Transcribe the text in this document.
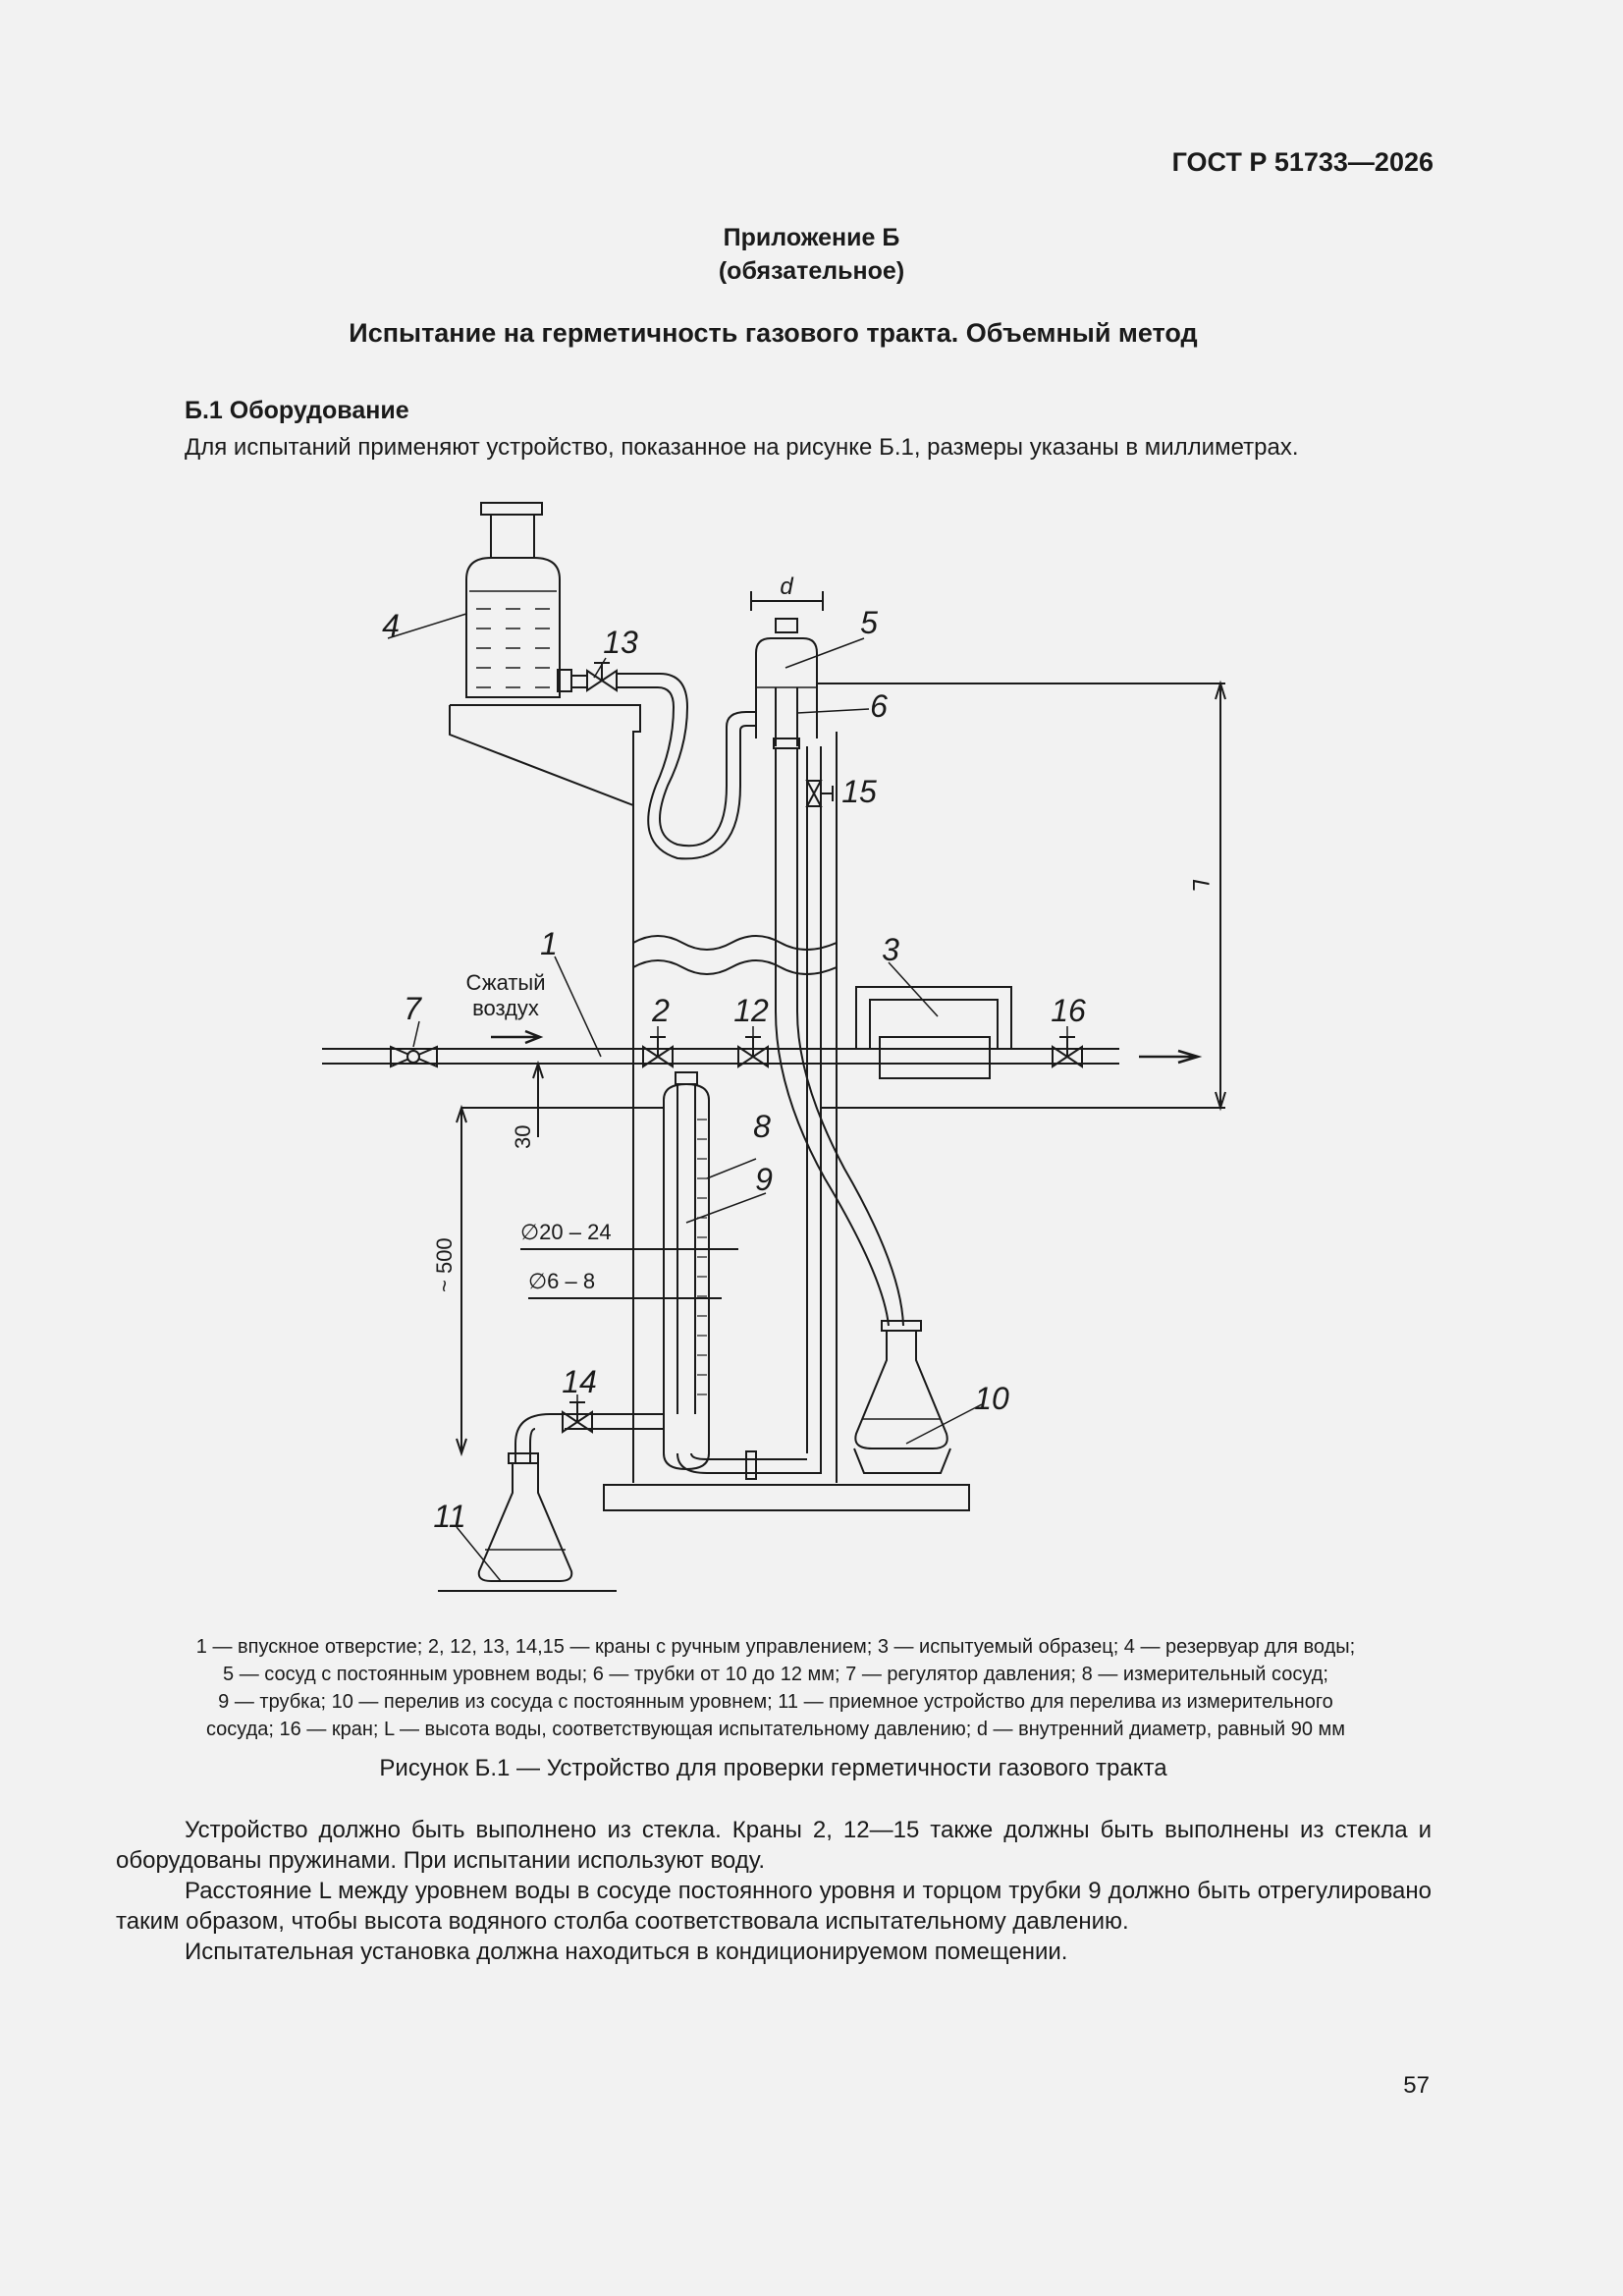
ГОСТ Р 51733—2026
Приложение Б
(обязательное)
Испытание на герметичность газового тракта. Объемный метод
Б.1 Оборудование
Для испытаний применяют устройство, показанное на рисунке Б.1, размеры указаны в миллиметрах.
4	13
5
6
15
1	3
7	2 12	16
8
9
14	10
11
d
Сжатый
воздух
∅20 – 24
∅6 – 8
30
~ 500
L

1 — впускное отверстие; 2, 12, 13, 14,15 — краны с ручным управлением; 3 — испытуемый образец; 4 — резервуар для воды;

5 — сосуд с постоянным уровнем воды; 6 — трубки от 10 до 12 мм; 7 — регулятор давления; 8 — измерительный сосуд;

9 — трубка; 10 — перелив из сосуда с постоянным уровнем; 11 — приемное устройство для перелива из измерительного

сосуда; 16 — кран; L — высота воды, соответствующая испытательному давлению; d — внутренний диаметр, равный 90 мм

Рисунок Б.1 — Устройство для проверки герметичности газового тракта

Устройство должно быть выполнено из стекла. Краны 2, 12—15 также должны быть выполнены из стекла и оборудованы пружинами. При испытании используют воду.

Расстояние L между уровнем воды в сосуде постоянного уровня и торцом трубки 9 должно быть отрегулировано таким образом, чтобы высота водяного столба соответствовала испытательному давлению.

Испытательная установка должна находиться в кондиционируемом помещении.

57
